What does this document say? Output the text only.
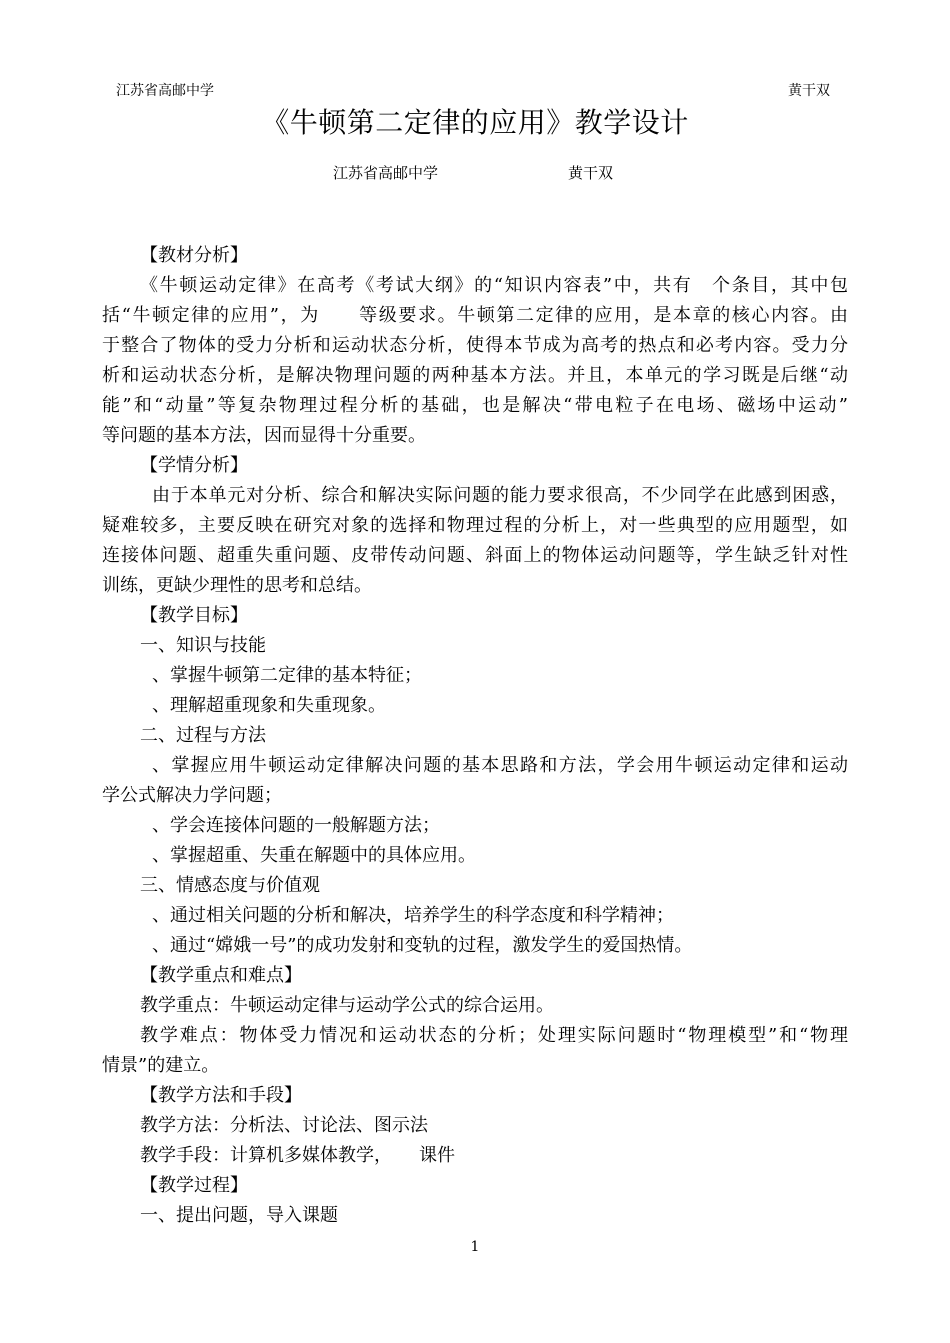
江苏省高邮中学	黄干双
《牛顿第二定律的应用》教学设计
江苏省高邮中学	黄干双
【教材分析】
《牛顿运动定律》在高考《考试大纲》的“知识内容表”中，共有　个条目，其中包
括“牛顿定律的应用”，为　　等级要求。牛顿第二定律的应用，是本章的核心内容。由
于整合了物体的受力分析和运动状态分析，使得本节成为高考的热点和必考内容。受力分
析和运动状态分析，是解决物理问题的两种基本方法。并且，本单元的学习既是后继“动
能”和“动量”等复杂物理过程分析的基础，也是解决“带电粒子在电场、磁场中运动”
等问题的基本方法，因而显得十分重要。
【学情分析】
由于本单元对分析、综合和解决实际问题的能力要求很高，不少同学在此感到困惑，
疑难较多，主要反映在研究对象的选择和物理过程的分析上，对一些典型的应用题型，如
连接体问题、超重失重问题、皮带传动问题、斜面上的物体运动问题等，学生缺乏针对性
训练，更缺少理性的思考和总结。
【教学目标】
一、知识与技能
、掌握牛顿第二定律的基本特征；
、理解超重现象和失重现象。
二、过程与方法
、掌握应用牛顿运动定律解决问题的基本思路和方法，学会用牛顿运动定律和运动
学公式解决力学问题；
、学会连接体问题的一般解题方法；
、掌握超重、失重在解题中的具体应用。
三、情感态度与价值观
、通过相关问题的分析和解决，培养学生的科学态度和科学精神；
、通过“嫦娥一号”的成功发射和变轨的过程，激发学生的爱国热情。
【教学重点和难点】
教学重点：牛顿运动定律与运动学公式的综合运用。
教学难点：物体受力情况和运动状态的分析；处理实际问题时“物理模型”和“物理
情景”的建立。
【教学方法和手段】
教学方法：分析法、讨论法、图示法
教学手段：计算机多媒体教学，　　课件
【教学过程】
一、提出问题，导入课题
1
